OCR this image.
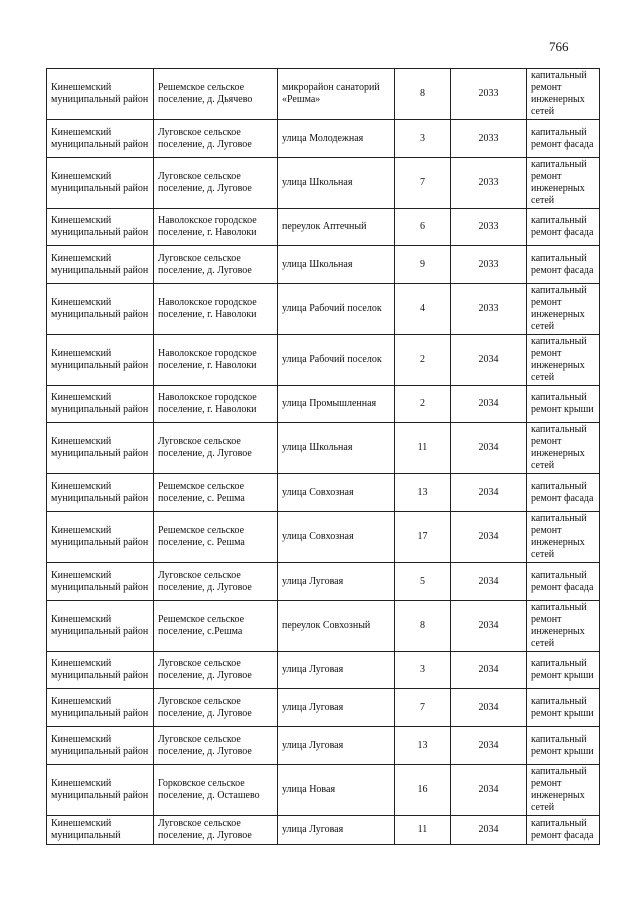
766
Кинешемский муниципальный район	Решемское сельское поселение, д. Дьячево	микрорайон санаторий «Решма»	8	2033	капитальный ремонт инженерных сетей
Кинешемский муниципальный район	Луговское сельское поселение, д. Луговое	улица Молодежная	3	2033	капитальный ремонт фасада
Кинешемский муниципальный район	Луговское сельское поселение, д. Луговое	улица Школьная	7	2033	капитальный ремонт инженерных сетей
Кинешемский муниципальный район	Наволокское городское поселение, г. Наволоки	переулок Аптечный	6	2033	капитальный ремонт фасада
Кинешемский муниципальный район	Луговское сельское поселение, д. Луговое	улица Школьная	9	2033	капитальный ремонт фасада
Кинешемский муниципальный район	Наволокское городское поселение, г. Наволоки	улица Рабочий поселок	4	2033	капитальный ремонт инженерных сетей
Кинешемский муниципальный район	Наволокское городское поселение, г. Наволоки	улица Рабочий поселок	2	2034	капитальный ремонт инженерных сетей
Кинешемский муниципальный район	Наволокское городское поселение, г. Наволоки	улица Промышленная	2	2034	капитальный ремонт крыши
Кинешемский муниципальный район	Луговское сельское поселение, д. Луговое	улица Школьная	11	2034	капитальный ремонт инженерных сетей
Кинешемский муниципальный район	Решемское сельское поселение, с. Решма	улица Совхозная	13	2034	капитальный ремонт фасада
Кинешемский муниципальный район	Решемское сельское поселение, с. Решма	улица Совхозная	17	2034	капитальный ремонт инженерных сетей
Кинешемский муниципальный район	Луговское сельское поселение, д. Луговое	улица Луговая	5	2034	капитальный ремонт фасада
Кинешемский муниципальный район	Решемское сельское поселение, с.Решма	переулок Совхозный	8	2034	капитальный ремонт инженерных сетей
Кинешемский муниципальный район	Луговское сельское поселение, д. Луговое	улица Луговая	3	2034	капитальный ремонт крыши
Кинешемский муниципальный район	Луговское сельское поселение, д. Луговое	улица Луговая	7	2034	капитальный ремонт крыши
Кинешемский муниципальный район	Луговское сельское поселение, д. Луговое	улица Луговая	13	2034	капитальный ремонт крыши
Кинешемский муниципальный район	Горковское сельское поселение, д. Осташево	улица Новая	16	2034	капитальный ремонт инженерных сетей
Кинешемский муниципальный	Луговское сельское поселение, д. Луговое	улица Луговая	11	2034	капитальный ремонт фасада
